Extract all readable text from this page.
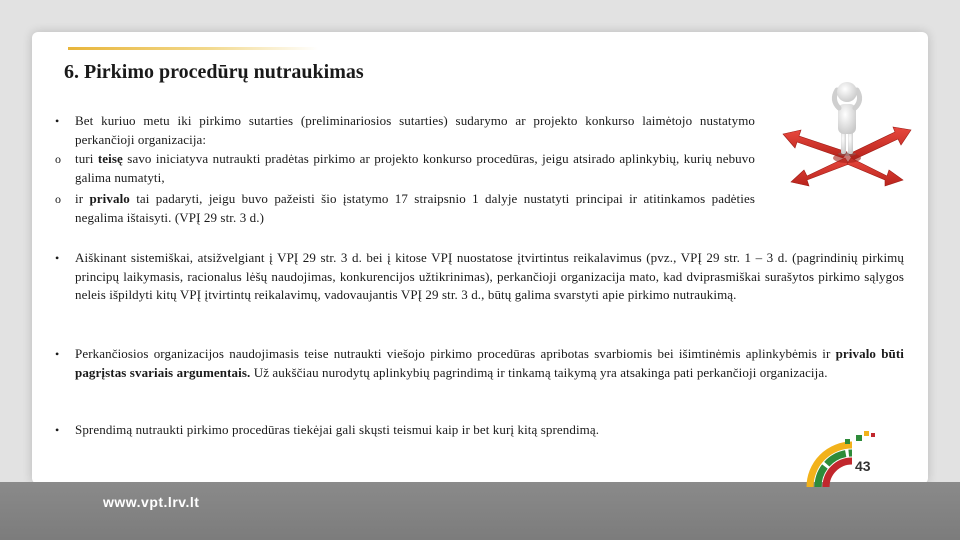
6. Pirkimo procedūrų nutraukimas
• Bet kuriuo metu iki pirkimo sutarties (preliminariosios sutarties) sudarymo ar projekto konkurso laimėtojo nustatymo perkančioji organizacija:
o turi teisę savo iniciatyva nutraukti pradėtas pirkimo ar projekto konkurso procedūras, jeigu atsirado aplinkybių, kurių nebuvo galima numatyti,
o ir privalo tai padaryti, jeigu buvo pažeisti šio įstatymo 17 straipsnio 1 dalyje nustatyti principai ir atitinkamos padėties negalima ištaisyti. (VPĮ 29 str. 3 d.)
• Aiškinant sistemiškai, atsižvelgiant į VPĮ 29 str. 3 d. bei į kitose VPĮ nuostatose įtvirtintus reikalavimus (pvz., VPĮ 29 str. 1 – 3 d. (pagrindinių pirkimų principų laikymasis, racionalus lėšų naudojimas, konkurencijos užtikrinimas), perkančioji organizacija mato, kad dviprasmiškai surašytos pirkimo sąlygos neleis išpildyti kitų VPĮ įtvirtintų reikalavimų, vadovaujantis VPĮ 29 str. 3 d., būtų galima svarstyti apie pirkimo nutraukimą.
• Perkančiosios organizacijos naudojimasis teise nutraukti viešojo pirkimo procedūras apribotas svarbiomis bei išimtinėmis aplinkybėmis ir privalo būti pagrįstas svariais argumentais. Už aukščiau nurodytų aplinkybių pagrindimą ir tinkamą taikymą yra atsakinga pati perkančioji organizacija.
• Sprendimą nutraukti pirkimo procedūras tiekėjai gali skųsti teismui kaip ir bet kurį kitą sprendimą.
www.vpt.lrv.lt
43
